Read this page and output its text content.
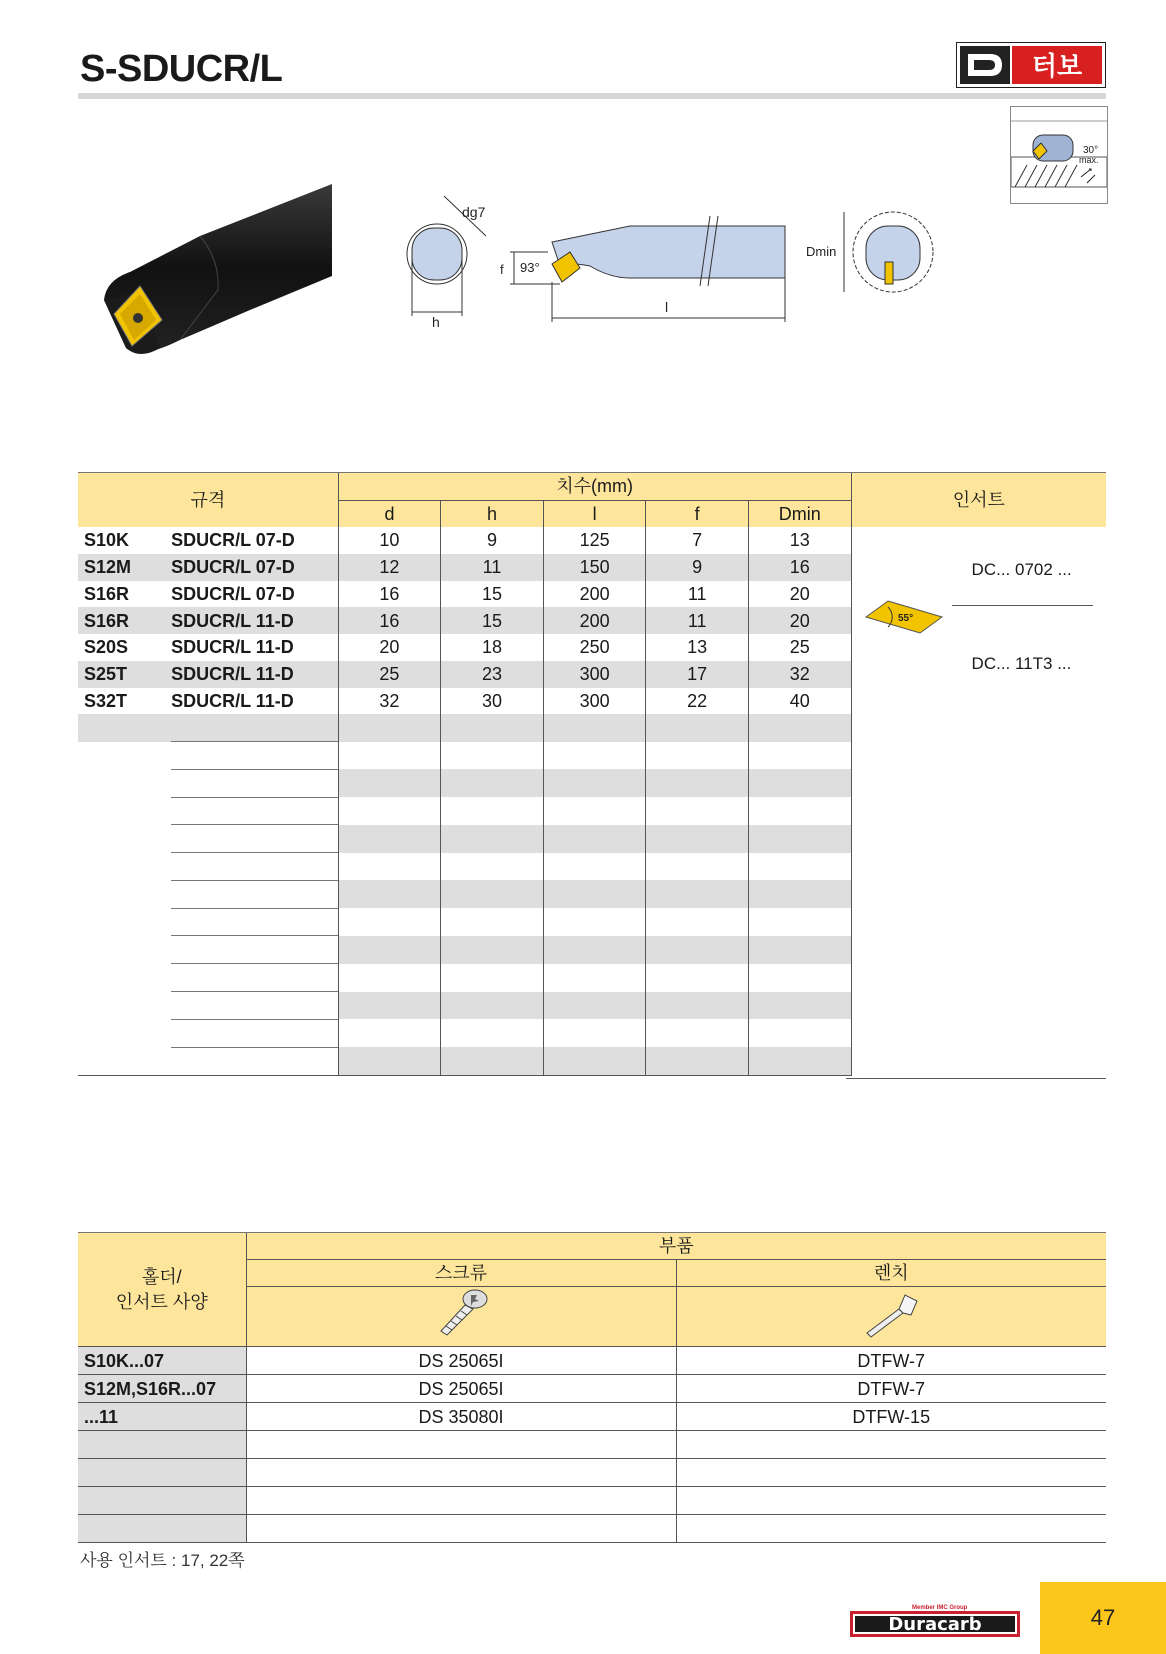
S-SDUCR/L	터보
30°
max.
dg7
h
f 93°
l
Dmin
규격		치수(mm)					인서트
		d	h	l	f	Dmin	
S10K	SDUCR/L 07-D	10	9	125	7	13	DC... 0702 ...
55°
DC... 11T3 ...

S12M	SDUCR/L 07-D	12	11	150	9	16	
S16R	SDUCR/L 07-D	16	15	200	11	20	
S16R	SDUCR/L 11-D	16	15	200	11	20	
S20S	SDUCR/L 11-D	20	18	250	13	25	
S25T	SDUCR/L 11-D	25	23	300	17	32	
S32T	SDUCR/L 11-D	32	30	300	22	40	

홀더/
인서트 사양	부품	
	스크류	렌치

S10K...07	DS 25065I	DTFW-7
S12M,S16R...07	DS 25065I	DTFW-7
...11	DS 35080I	DTFW-15

사용 인서트 : 17, 22쪽
Member IMC Group
Duracarb	47
